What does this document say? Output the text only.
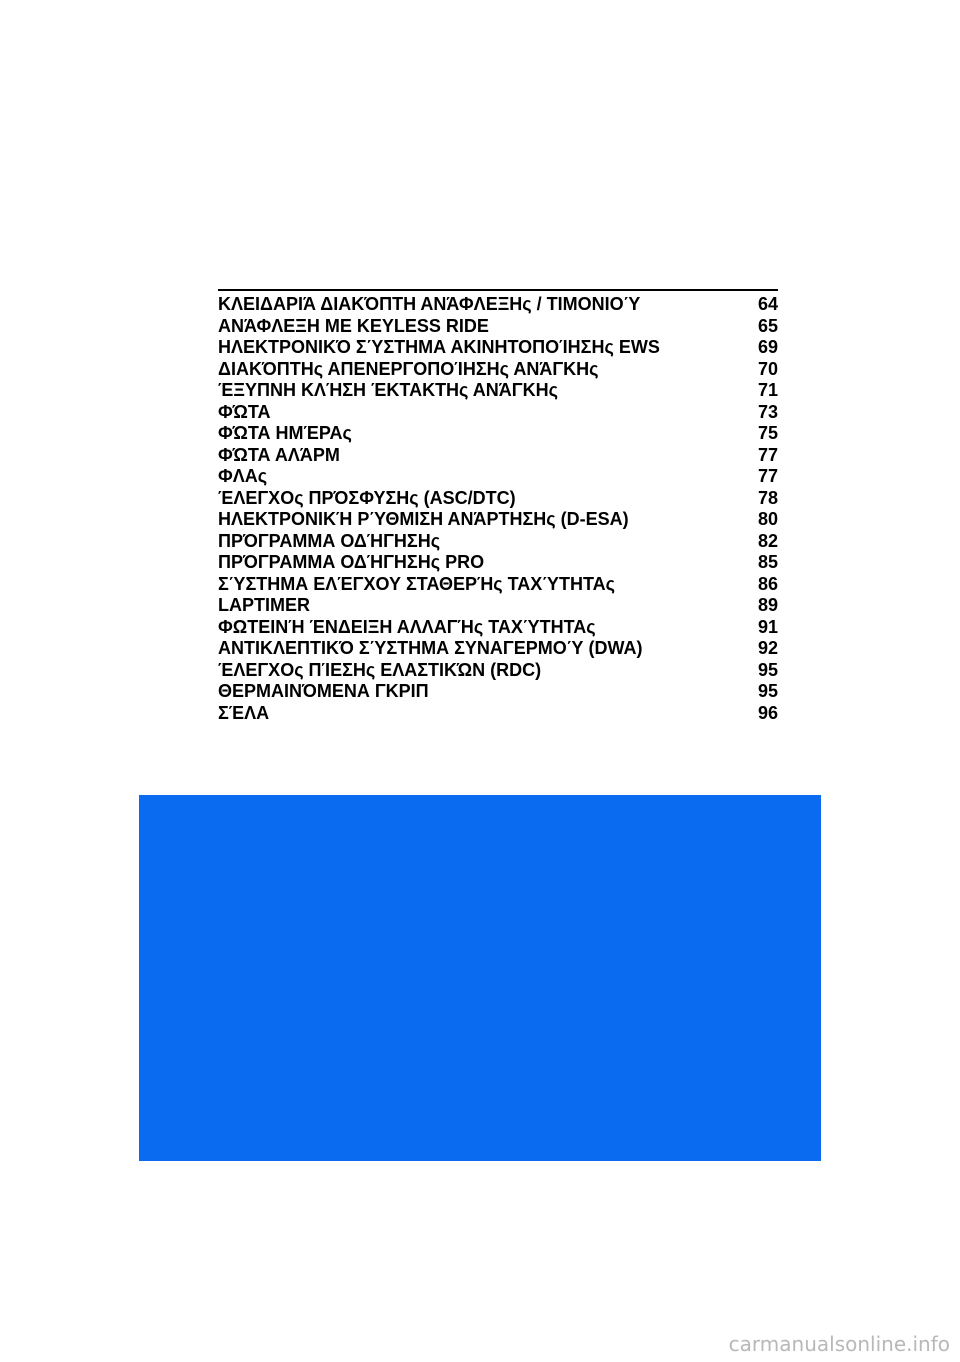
ΚΛΕΙΔΑΡΙΆ ΔΙΑΚΌΠΤΗ ΑΝΆΦΛΕΞΗς / ΤΙΜΟΝΙΟΎ	64
ΑΝΆΦΛΕΞΗ ΜΕ KEYLESS RIDE	65
ΗΛΕΚΤΡΟΝΙΚΌ ΣΎΣΤΗΜΑ ΑΚΙΝΗΤΟΠΟΊΗΣΗς EWS	69
ΔΙΑΚΌΠΤΗς ΑΠΕΝΕΡΓΟΠΟΊΗΣΗς ΑΝΆΓΚΗς	70
ΈΞΥΠΝΗ ΚΛΉΣΗ ΈΚΤΑΚΤΗς ΑΝΆΓΚΗς	71
ΦΏΤΑ	73
ΦΏΤΑ ΗΜΈΡΑς	75
ΦΏΤΑ ΑΛΆΡΜ	77
ΦΛΑς	77
ΈΛΕΓΧΟς ΠΡΌΣΦΥΣΗς (ASC/DTC)	78
ΗΛΕΚΤΡΟΝΙΚΉ ΡΎΘΜΙΣΗ ΑΝΆΡΤΗΣΗς (D-ESA)	80
ΠΡΌΓΡΑΜΜΑ ΟΔΉΓΗΣΗς	82
ΠΡΌΓΡΑΜΜΑ ΟΔΉΓΗΣΗς PRO	85
ΣΎΣΤΗΜΑ ΕΛΈΓΧΟΥ ΣΤΑΘΕΡΉς ΤΑΧΎΤΗΤΑς	86
LAPTIMER	89
ΦΩΤΕΙΝΉ ΈΝΔΕΙΞΗ ΑΛΛΑΓΉς ΤΑΧΎΤΗΤΑς	91
ΑΝΤΙΚΛΕΠΤΙΚΌ ΣΎΣΤΗΜΑ ΣΥΝΑΓΕΡΜΟΎ (DWA)	92
ΈΛΕΓΧΟς ΠΊΕΣΗς ΕΛΑΣΤΙΚΏΝ (RDC)	95
ΘΕΡΜΑΙΝΌΜΕΝΑ ΓΚΡΙΠ	95
ΣΈΛΑ	96
carmanualsonline.info
